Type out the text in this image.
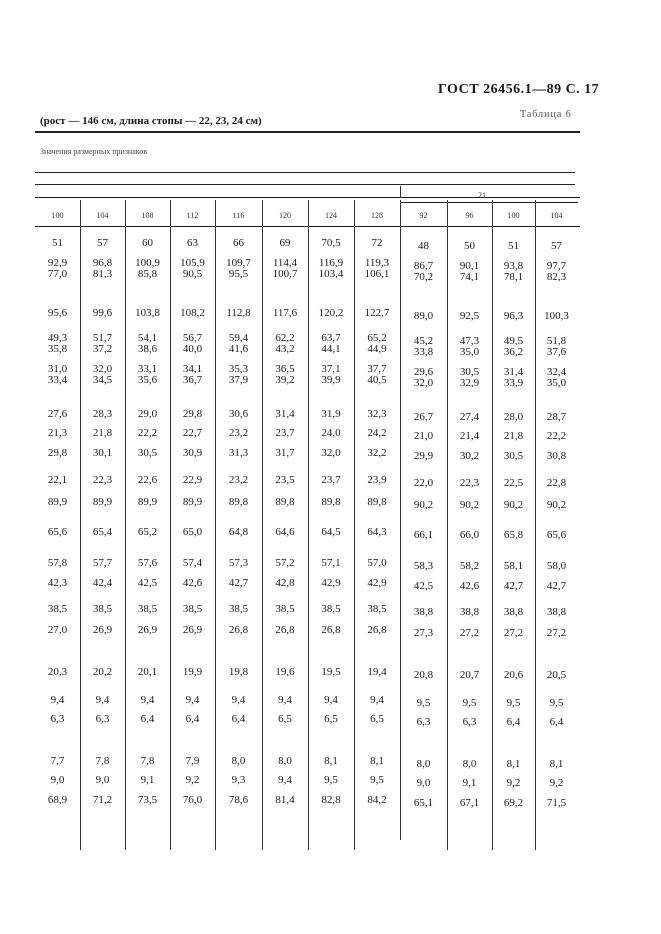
ГОСТ 26456.1—89 С. 17
Таблица 6
(рост — 146 см, длина стопы — 22, 23, 24 см)
Значения размерных признаков
21
100	104	108	112	116	120	124	128	92	96	100	104
51	57	60	63	66	69	70,5	72	48	50	51	57
92,9	96,8	100,9	105,9	109,7	114,4	116,9	119,3	86,7	90,1	93,8	97,7
77,0	81,3	85,8	90,5	95,5	100,7	103,4	106,1	70,2	74,1	78,1	82,3
95,6	99,6	103,8	108,2	112,8	117,6	120,2	122,7	89,0	92,5	96,3	100,3
49,3	51,7	54,1	56,7	59,4	62,2	63,7	65,2	45,2	47,3	49,5	51,8
35,8	37,2	38,6	40,0	41,6	43,2	44,1	44,9	33,8	35,0	36,2	37,6
31,0	32,0	33,1	34,1	35,3	36,5	37,1	37,7	29,6	30,5	31,4	32,4
33,4	34,5	35,6	36,7	37,9	39,2	39,9	40,5	32,0	32,9	33,9	35,0
27,6	28,3	29,0	29,8	30,6	31,4	31,9	32,3	26,7	27,4	28,0	28,7
21,3	21,8	22,2	22,7	23,2	23,7	24,0	24,2	21,0	21,4	21,8	22,2
29,8	30,1	30,5	30,9	31,3	31,7	32,0	32,2	29,9	30,2	30,5	30,8
22,1	22,3	22,6	22,9	23,2	23,5	23,7	23,9	22,0	22,3	22,5	22,8
89,9	89,9	89,9	89,9	89,8	89,8	89,8	89,8	90,2	90,2	90,2	90,2
65,6	65,4	65,2	65,0	64,8	64,6	64,5	64,3	66,1	66,0	65,8	65,6
57,8	57,7	57,6	57,4	57,3	57,2	57,1	57,0	58,3	58,2	58,1	58,0
42,3	42,4	42,5	42,6	42,7	42,8	42,9	42,9	42,5	42,6	42,7	42,7
38,5	38,5	38,5	38,5	38,5	38,5	38,5	38,5	38,8	38,8	38,8	38,8
27,0	26,9	26,9	26,9	26,8	26,8	26,8	26,8	27,3	27,2	27,2	27,2
20,3	20,2	20,1	19,9	19,8	19,6	19,5	19,4	20,8	20,7	20,6	20,5
9,4	9,4	9,4	9,4	9,4	9,4	9,4	9,4	9,5	9,5	9,5	9,5
6,3	6,3	6,4	6,4	6,4	6,5	6,5	6,5	6,3	6,3	6,4	6,4
7,7	7,8	7,8	7,9	8,0	8,0	8,1	8,1	8,0	8,0	8,1	8,1
9,0	9,0	9,1	9,2	9,3	9,4	9,5	9,5	9,0	9,1	9,2	9,2
68,9	71,2	73,5	76,0	78,6	81,4	82,8	84,2	65,1	67,1	69,2	71,5
